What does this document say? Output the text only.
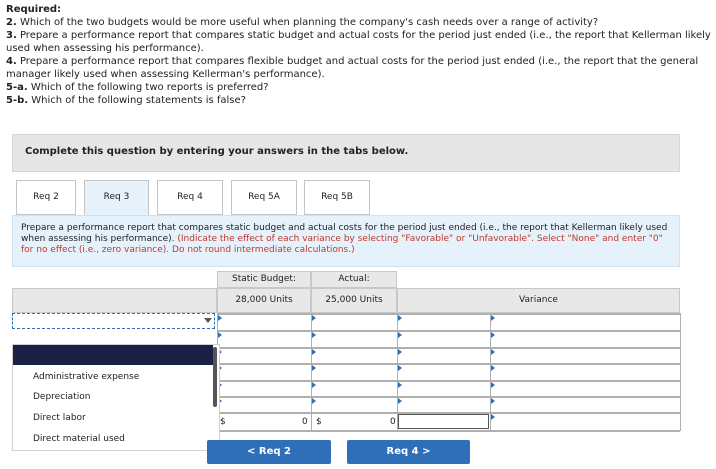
Required:
2. Which of the two budgets would be more useful when planning the company's cash needs over a range of activity?
3. Prepare a performance report that compares static budget and actual costs for the period just ended (i.e., the report that Kellerman likely used when assessing his performance).
4. Prepare a performance report that compares flexible budget and actual costs for the period just ended (i.e., the report that the general manager likely used when assessing Kellerman's performance).
5-a. Which of the following two reports is preferred?
5-b. Which of the following statements is false?
Complete this question by entering your answers in the tabs below.
Req 2	Req 3	Req 4	Req 5A	Req 5B
Prepare a performance report that compares static budget and actual costs for the period just ended (i.e., the report that Kellerman likely used when assessing his performance). (Indicate the effect of each variance by selecting "Favorable" or "Unfavorable". Select "None" and enter "0" for no effect (i.e., zero variance). Do not round intermediate calculations.)
Static Budget:	Actual:
28,000 Units	25,000 Units	Variance
$	0 $	0
Administrative expense
Depreciation
Direct labor
Direct material used
< Req 2	Req 4 >
